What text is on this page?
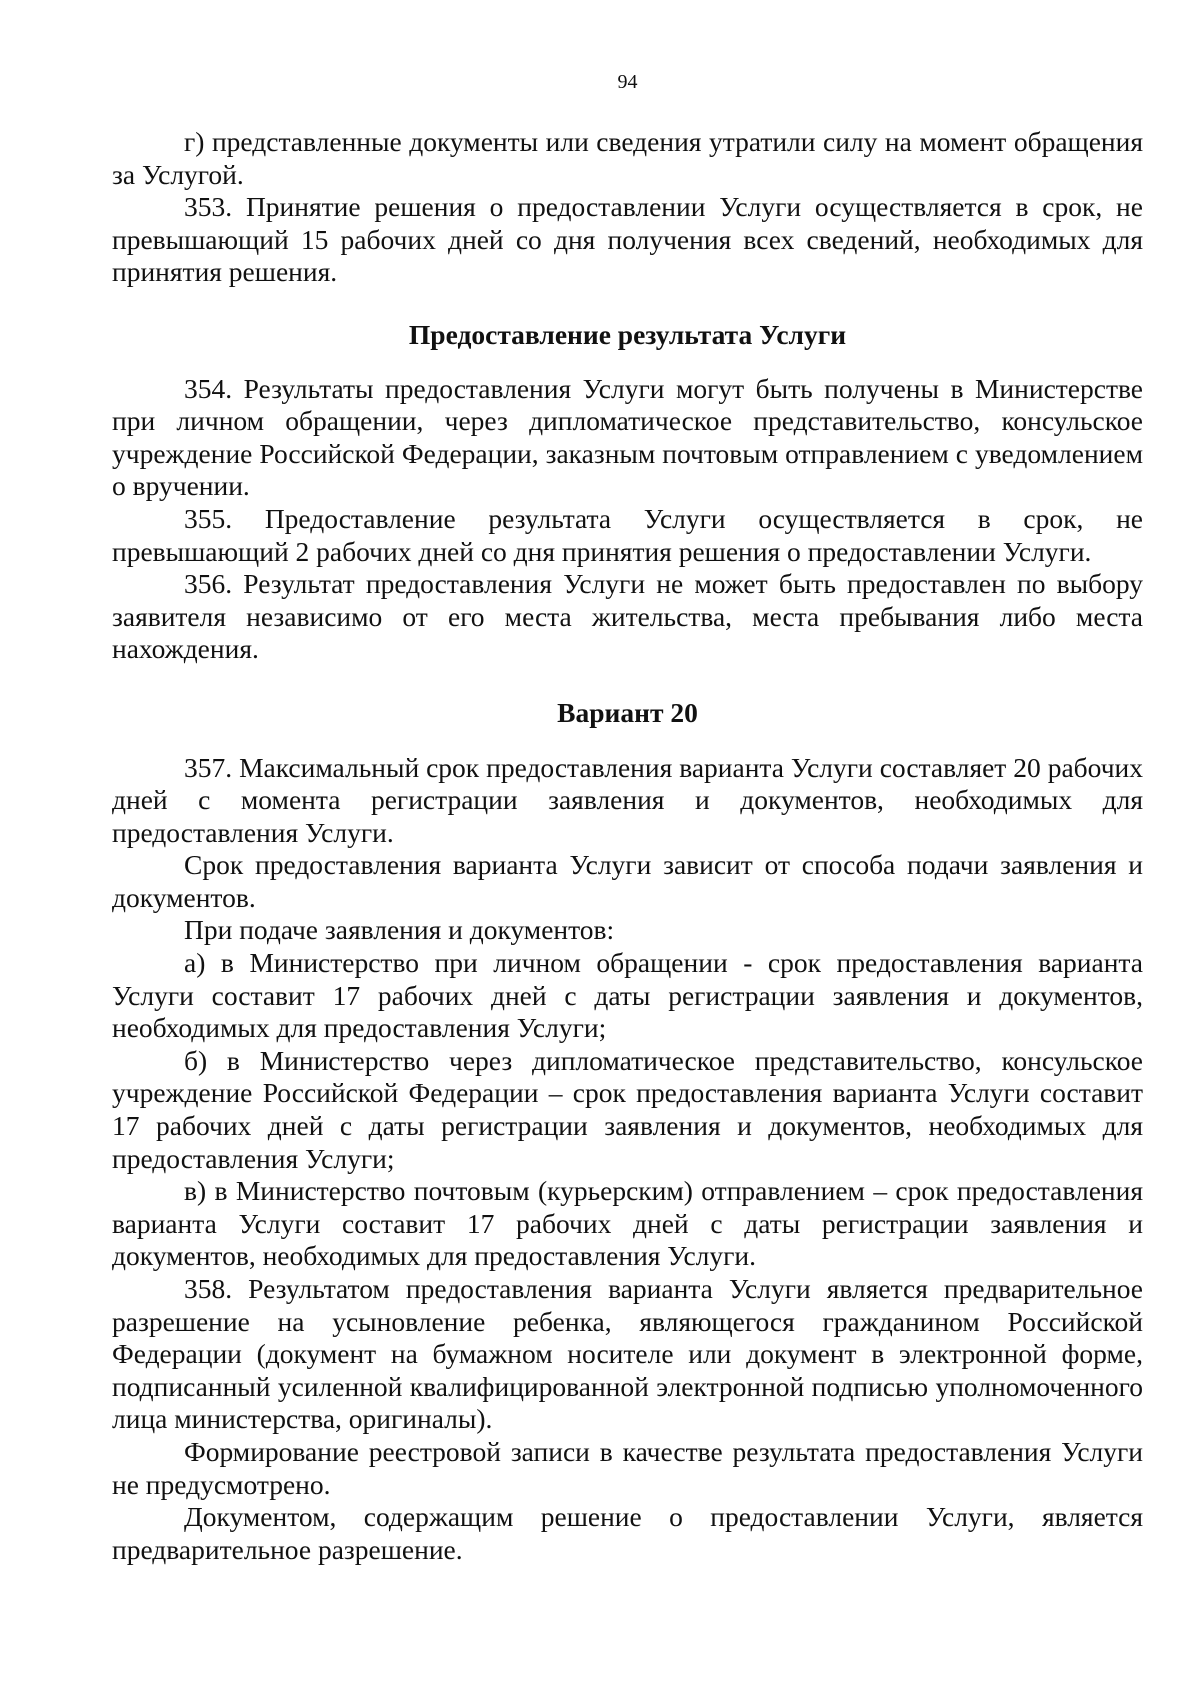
94

г) представленные документы или сведения утратили силу на момент обращения за Услугой.

353. Принятие решения о предоставлении Услуги осуществляется в срок, не превышающий 15 рабочих дней со дня получения всех сведений, необходимых для принятия решения.

Предоставление результата Услуги

354. Результаты предоставления Услуги могут быть получены в Министерстве при личном обращении, через дипломатическое представительство, консульское учреждение Российской Федерации, заказным почтовым отправлением с уведомлением о вручении.

355. Предоставление результата Услуги осуществляется в срок, не превышающий 2 рабочих дней со дня принятия решения о предоставлении Услуги.

356. Результат предоставления Услуги не может быть предоставлен по выбору заявителя независимо от его места жительства, места пребывания либо места нахождения.

Вариант 20

357. Максимальный срок предоставления варианта Услуги составляет 20 рабочих дней с момента регистрации заявления и документов, необходимых для предоставления Услуги.

Срок предоставления варианта Услуги зависит от способа подачи заявления и документов.

При подаче заявления и документов:

а) в Министерство при личном обращении - срок предоставления варианта Услуги составит 17 рабочих дней с даты регистрации заявления и документов, необходимых для предоставления Услуги;

б) в Министерство через дипломатическое представительство, консульское учреждение Российской Федерации – срок предоставления варианта Услуги составит 17 рабочих дней с даты регистрации заявления и документов, необходимых для предоставления Услуги;

в) в Министерство почтовым (курьерским) отправлением – срок предоставления варианта Услуги составит 17 рабочих дней с даты регистрации заявления и документов, необходимых для предоставления Услуги.

358. Результатом предоставления варианта Услуги является предварительное разрешение на усыновление ребенка, являющегося гражданином Российской Федерации (документ на бумажном носителе или документ в электронной форме, подписанный усиленной квалифицированной электронной подписью уполномоченного лица министерства, оригиналы).

Формирование реестровой записи в качестве результата предоставления Услуги не предусмотрено.

Документом, содержащим решение о предоставлении Услуги, является предварительное разрешение.
